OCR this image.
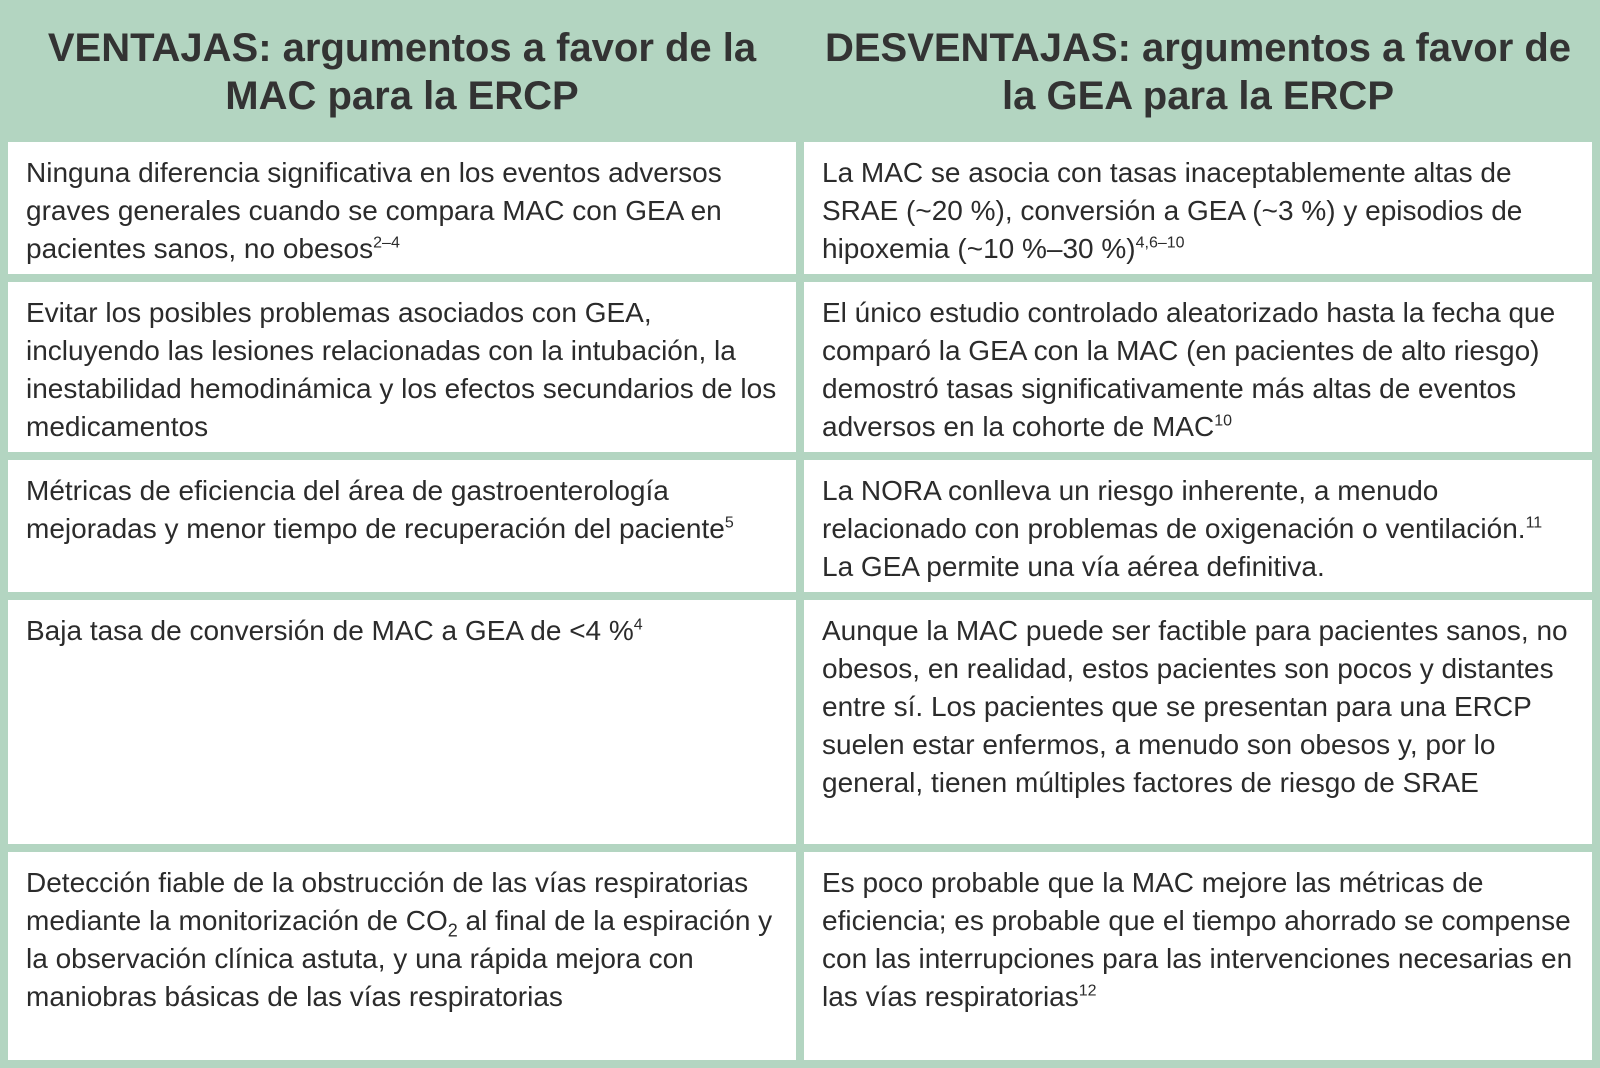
VENTAJAS: argumentos a favor de la MAC para la ERCP	DESVENTAJAS: argumentos a favor de la GEA para la ERCP
Ninguna diferencia significativa en los eventos adversos graves generales cuando se compara MAC con GEA en pacientes sanos, no obesos$^{2-4}$	La MAC se asocia con tasas inaceptablemente altas de SRAE (~20 %), conversión a GEA (~3 %) y episodios de hipoxemia (~10 %–30 %)$^{4,6-10}$
Evitar los posibles problemas asociados con GEA, incluyendo las lesiones relacionadas con la intubación, la inestabilidad hemodinámica y los efectos secundarios de los medicamentos	El único estudio controlado aleatorizado hasta la fecha que comparó la GEA con la MAC (en pacientes de alto riesgo) demostró tasas significativamente más altas de eventos adversos en la cohorte de MAC$^{10}$
Métricas de eficiencia del área de gastroenterología mejoradas y menor tiempo de recuperación del paciente$^5$	La NORA conlleva un riesgo inherente, a menudo relacionado con problemas de oxigenación o ventilación.$^{11}$ La GEA permite una vía aérea definitiva.
Baja tasa de conversión de MAC a GEA de <4 %$^4$	Aunque la MAC puede ser factible para pacientes sanos, no obesos, en realidad, estos pacientes son pocos y distantes entre sí. Los pacientes que se presentan para una ERCP suelen estar enfermos, a menudo son obesos y, por lo general, tienen múltiples factores de riesgo de SRAE
Detección fiable de la obstrucción de las vías respiratorias mediante la monitorización de $CO_2$ al final de la espiración y la observación clínica astuta, y una rápida mejora con maniobras básicas de las vías respiratorias	Es poco probable que la MAC mejore las métricas de eficiencia; es probable que el tiempo ahorrado se compense con las interrupciones para las intervenciones necesarias en las vías respiratorias$^{12}$
